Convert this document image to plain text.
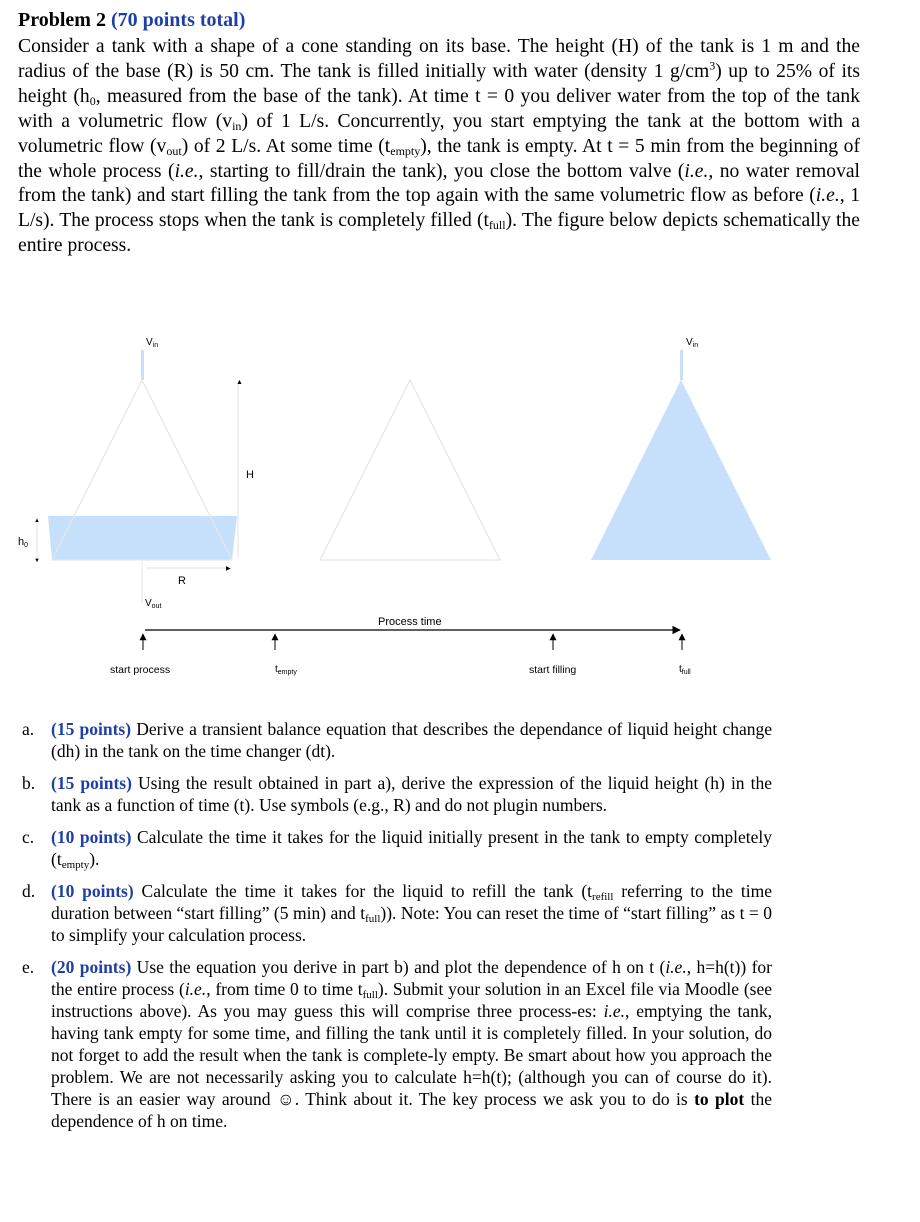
Problem 2 (70 points total)
Consider a tank with a shape of a cone standing on its base. The height (H) of the tank is 1 m and the radius of the base (R) is 50 cm. The tank is filled initially with water (density 1 $g/cm^3$) up to 25% of its height ($h_0$, measured from the base of the tank). At time t = 0 you deliver water from the top of the tank with a volumetric flow $(v_{in})$ of 1 L/s. Concurrently, you start emptying the tank at the bottom with a volumetric flow $(v_{out})$ of 2 L/s. At some time $(t_{empty})$, the tank is empty. At t = 5 min from the beginning of the whole process (i.e., starting to fill/drain the tank), you close the bottom valve (i.e., no water removal from the tank) and start filling the tank from the top again with the same volumetric flow as before (i.e., 1 L/s). The process stops when the tank is completely filled $(t_{full})$. The figure below depicts schematically the entire process.
$V_{in}$
$V_{out}$
▲
H
▲
▼
h0
▶
R
$V_{in}$
Process time
start process	$t_{empty}$	start filling	$t_{full}$
a. (15 points) Derive a transient balance equation that describes the dependance of liquid height change (dh) in the tank on the time changer (dt).
b. (15 points) Using the result obtained in part a), derive the expression of the liquid height (h) in the tank as a function of time (t). Use symbols (e.g., R) and do not plugin numbers.
c. (10 points) Calculate the time it takes for the liquid initially present in the tank to empty completely $(t_{empty})$.
d. (10 points) Calculate the time it takes for the liquid to refill the tank ($t_{refill}$ referring to the time duration between “start filling” (5 min) and $t_{full}$)). Note: You can reset the time of “start filling” as t = 0 to simplify your calculation process.
e. (20 points) Use the equation you derive in part b) and plot the dependence of h on t (i.e., h=h(t)) for the entire process (i.e., from time 0 to time $t_{full}$). Submit your solution in an Excel file via Moodle (see instructions above). As you may guess this will comprise three process-es: i.e., emptying the tank, having tank empty for some time, and filling the tank until it is completely filled. In your solution, do not forget to add the result when the tank is complete-ly empty. Be smart about how you approach the problem. We are not necessarily asking you to calculate h=h(t); (although you can of course do it). There is an easier way around ☺. Think about it. The key process we ask you to do is to plot the dependence of h on time.
